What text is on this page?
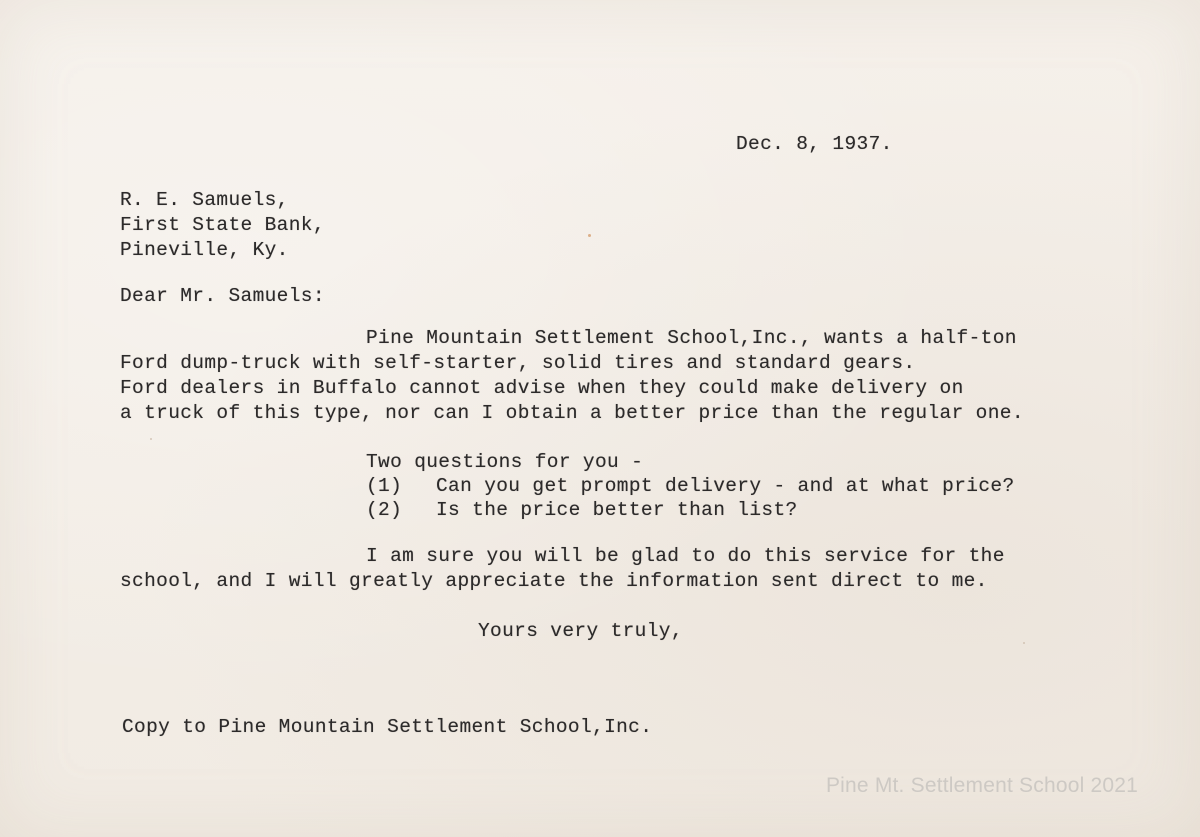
Dec. 8, 1937.
R. E. Samuels,
First State Bank,
Pineville, Ky.
Dear Mr. Samuels:
Pine Mountain Settlement School,Inc., wants a half-ton
Ford dump-truck with self-starter, solid tires and standard gears.
Ford dealers in Buffalo cannot advise when they could make delivery on
a truck of this type, nor can I obtain a better price than the regular one.
Two questions for you -
(1) Can you get prompt delivery - and at what price?
(2) Is the price better than list?
I am sure you will be glad to do this service for the
school, and I will greatly appreciate the information sent direct to me.
Yours very truly,
Copy to Pine Mountain Settlement School,Inc.
Pine Mt. Settlement School 2021
